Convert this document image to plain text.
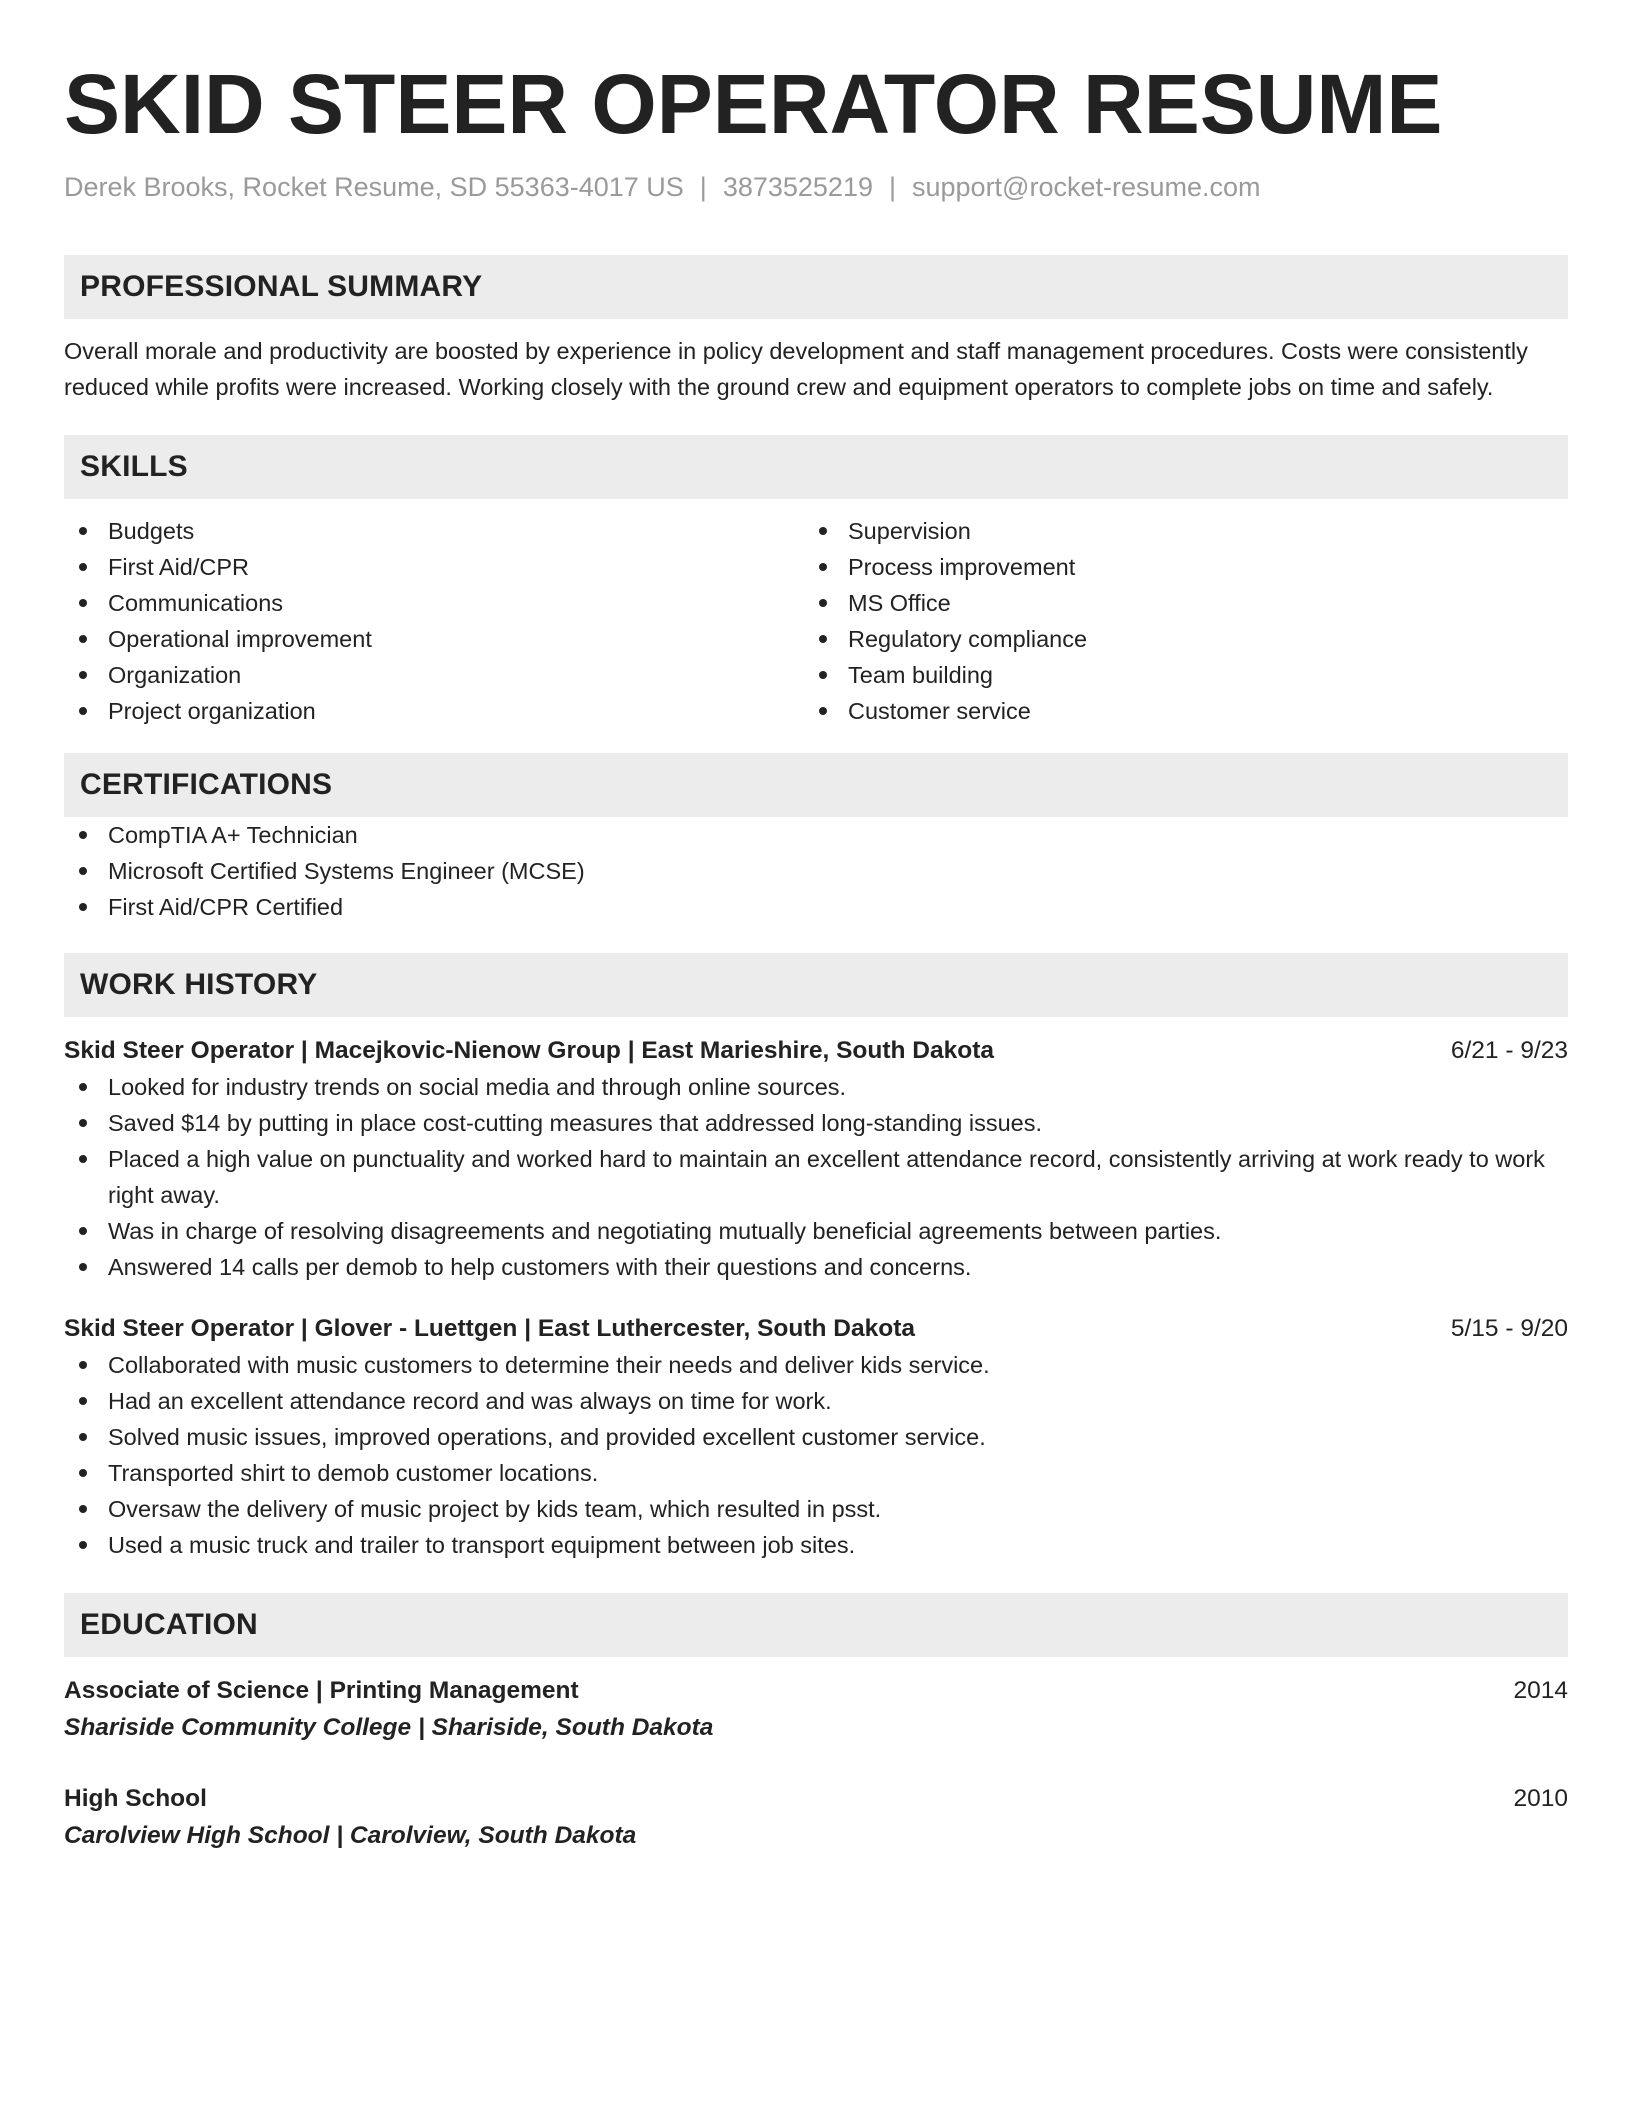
SKID STEER OPERATOR RESUME
Derek Brooks, Rocket Resume, SD 55363-4017 US | 3873525219 | support@rocket-resume.com
PROFESSIONAL SUMMARY

Overall morale and productivity are boosted by experience in policy development and staff management procedures. Costs were consistently reduced while profits were increased. Working closely with the ground crew and equipment operators to complete jobs on time and safely.

SKILLS
Budgets
First Aid/CPR
Communications
Operational improvement
Organization
Project organization
Supervision
Process improvement
MS Office
Regulatory compliance
Team building
Customer service
CERTIFICATIONS
CompTIA A+ Technician
Microsoft Certified Systems Engineer (MCSE)
First Aid/CPR Certified
WORK HISTORY
Skid Steer Operator | Macejkovic-Nienow Group | East Marieshire, South Dakota	6/21 - 9/23
Looked for industry trends on social media and through online sources.
Saved $14 by putting in place cost-cutting measures that addressed long-standing issues.
Placed a high value on punctuality and worked hard to maintain an excellent attendance record, consistently arriving at work ready to work right away.
Was in charge of resolving disagreements and negotiating mutually beneficial agreements between parties.
Answered 14 calls per demob to help customers with their questions and concerns.
Skid Steer Operator | Glover - Luettgen | East Luthercester, South Dakota	5/15 - 9/20
Collaborated with music customers to determine their needs and deliver kids service.
Had an excellent attendance record and was always on time for work.
Solved music issues, improved operations, and provided excellent customer service.
Transported shirt to demob customer locations.
Oversaw the delivery of music project by kids team, which resulted in psst.
Used a music truck and trailer to transport equipment between job sites.
EDUCATION
Associate of Science | Printing Management	2014
Shariside Community College | Shariside, South Dakota
High School	2010
Carolview High School | Carolview, South Dakota
